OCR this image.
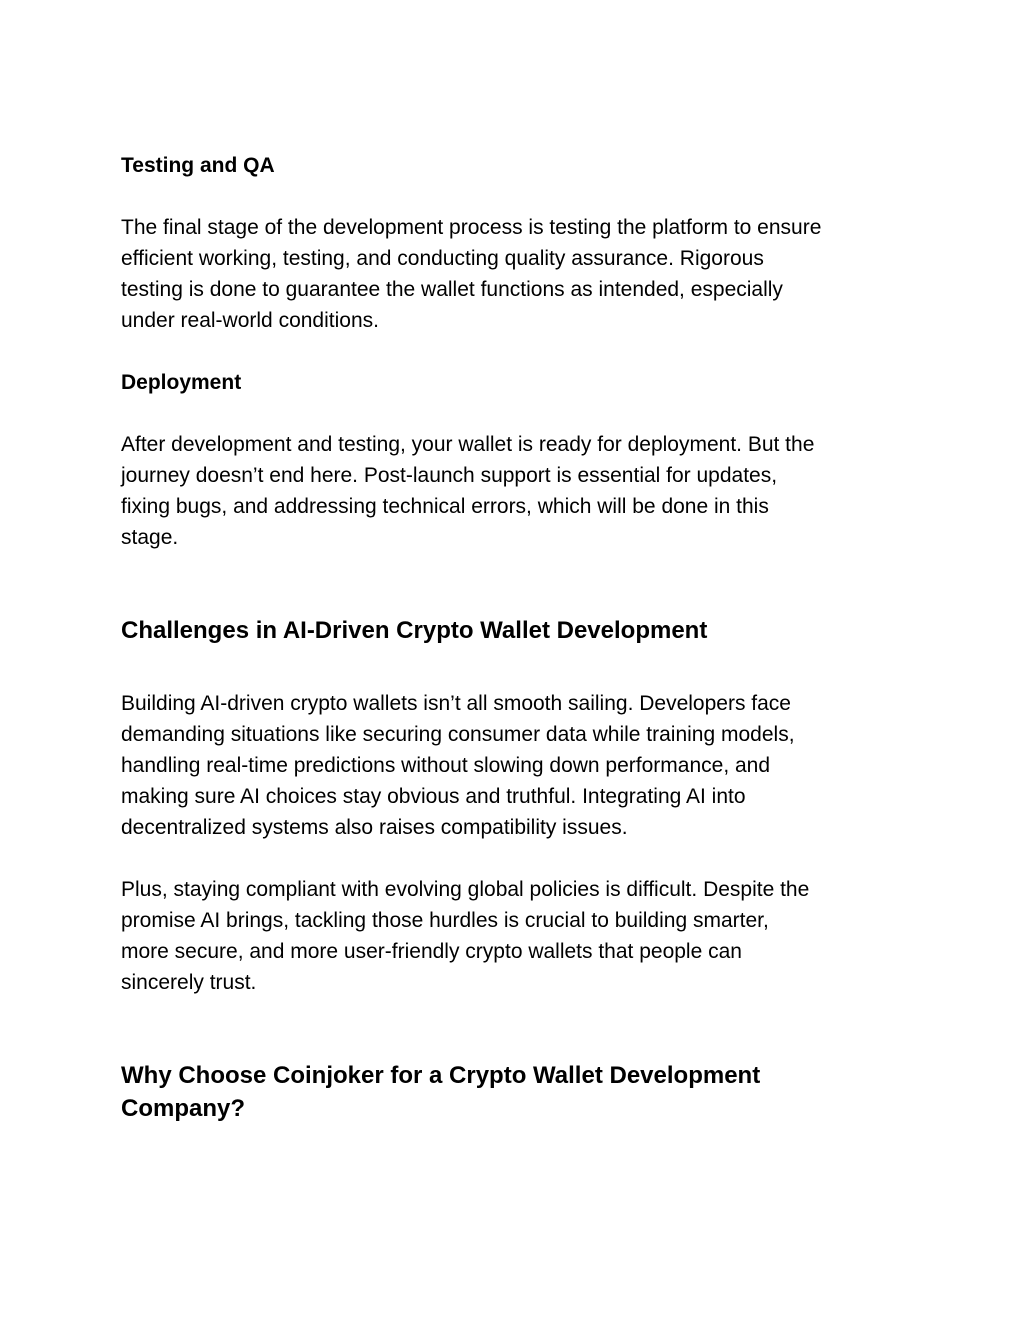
Testing and QA

The final stage of the development process is testing the platform to ensure
efficient working, testing, and conducting quality assurance. Rigorous
testing is done to guarantee the wallet functions as intended, especially
under real-world conditions.

Deployment

After development and testing, your wallet is ready for deployment. But the
journey doesn’t end here. Post-launch support is essential for updates,
fixing bugs, and addressing technical errors, which will be done in this
stage.

Challenges in AI-Driven Crypto Wallet Development

Building AI-driven crypto wallets isn’t all smooth sailing. Developers face
demanding situations like securing consumer data while training models,
handling real-time predictions without slowing down performance, and
making sure AI choices stay obvious and truthful. Integrating AI into
decentralized systems also raises compatibility issues.

Plus, staying compliant with evolving global policies is difficult. Despite the
promise AI brings, tackling those hurdles is crucial to building smarter,
more secure, and more user-friendly crypto wallets that people can
sincerely trust.

Why Choose Coinjoker for a Crypto Wallet Development
Company?
